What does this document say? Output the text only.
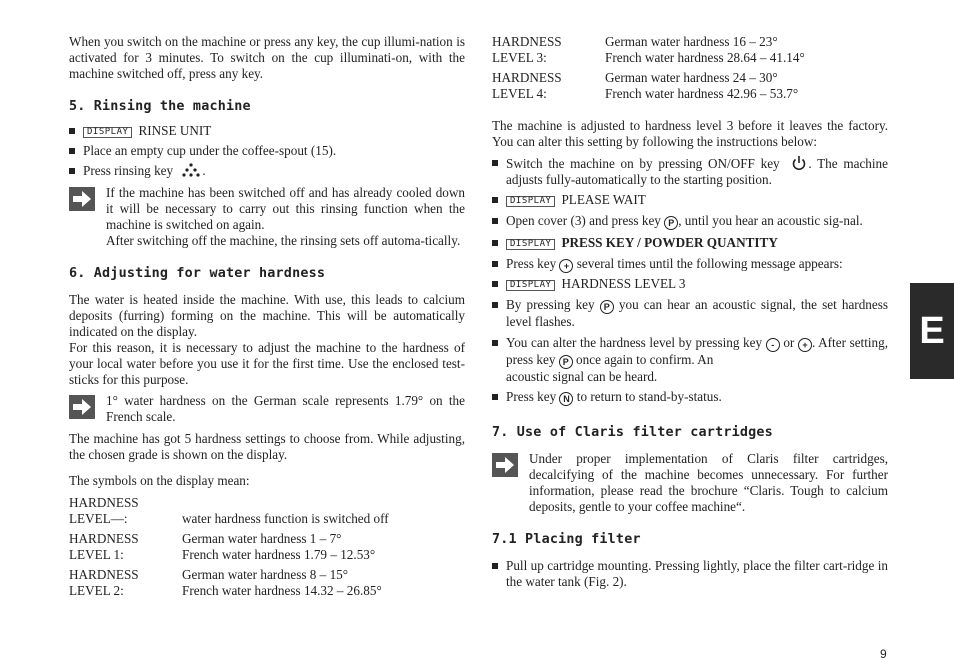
When you switch on the machine or press any key, the cup illumi-nation is activated for 3 minutes. To switch on the cup illuminati-on, with the machine switched off, press any key.

5. Rinsing the machine
DISPLAY RINSE UNIT
Place an empty cup under the coffee-spout (15).
Press rinsing key .

If the machine has been switched off and has already cooled down it will be necessary to carry out this rinsing function when the machine is switched on again.

After switching off the machine, the rinsing sets off automa-tically.

6. Adjusting for water hardness

The water is heated inside the machine. With use, this leads to calcium deposits (furring) forming on the machine. This will be automatically indicated on the display.

For this reason, it is necessary to adjust the machine to the hardness of your local water before you use it for the first time. Use the enclosed test-sticks for this purpose.

1° water hardness on the German scale represents 1.79° on the French scale.

The machine has got 5 hardness settings to choose from. While adjusting, the chosen grade is shown on the display.

The symbols on the display mean:

HARDNESS
LEVEL—:	water hardness function is switched off
HARDNESS	German water hardness 1 – 7°
LEVEL 1:	French water hardness 1.79 – 12.53°
HARDNESS	German water hardness 8 – 15°
LEVEL 2:	French water hardness 14.32 – 26.85°
HARDNESS	German water hardness 16 – 23°
LEVEL 3:	French water hardness 28.64 – 41.14°
HARDNESS	German water hardness 24 – 30°
LEVEL 4:	French water hardness 42.96 – 53.7°

The machine is adjusted to hardness level 3 before it leaves the factory. You can alter this setting by following the instructions below:

Switch the machine on by pressing ON/OFF key . The machine adjusts fully-automatically to the starting position.
DISPLAY PLEASE WAIT
Open cover (3) and press key P , until you hear an acoustic sig-nal.
DISPLAY PRESS KEY / POWDER QUANTITY
Press key + several times until the following message appears:
DISPLAY HARDNESS LEVEL 3
By pressing key P you can hear an acoustic signal, the set hardness level flashes.
You can alter the hardness level by pressing key - or + . After setting, press key P once again to confirm. An
acoustic signal can be heard.
Press key N to return to stand-by-status.
7. Use of Claris filter cartridges

Under proper implementation of Claris filter cartridges, decalcifying of the machine becomes unnecessary. For further information, please read the brochure “Claris. Tough to calcium deposits, gentle to your coffee machine“.

7.1 Placing filter
Pull up cartridge mounting. Pressing lightly, place the filter cart-ridge in the water tank (Fig. 2).
E
9
